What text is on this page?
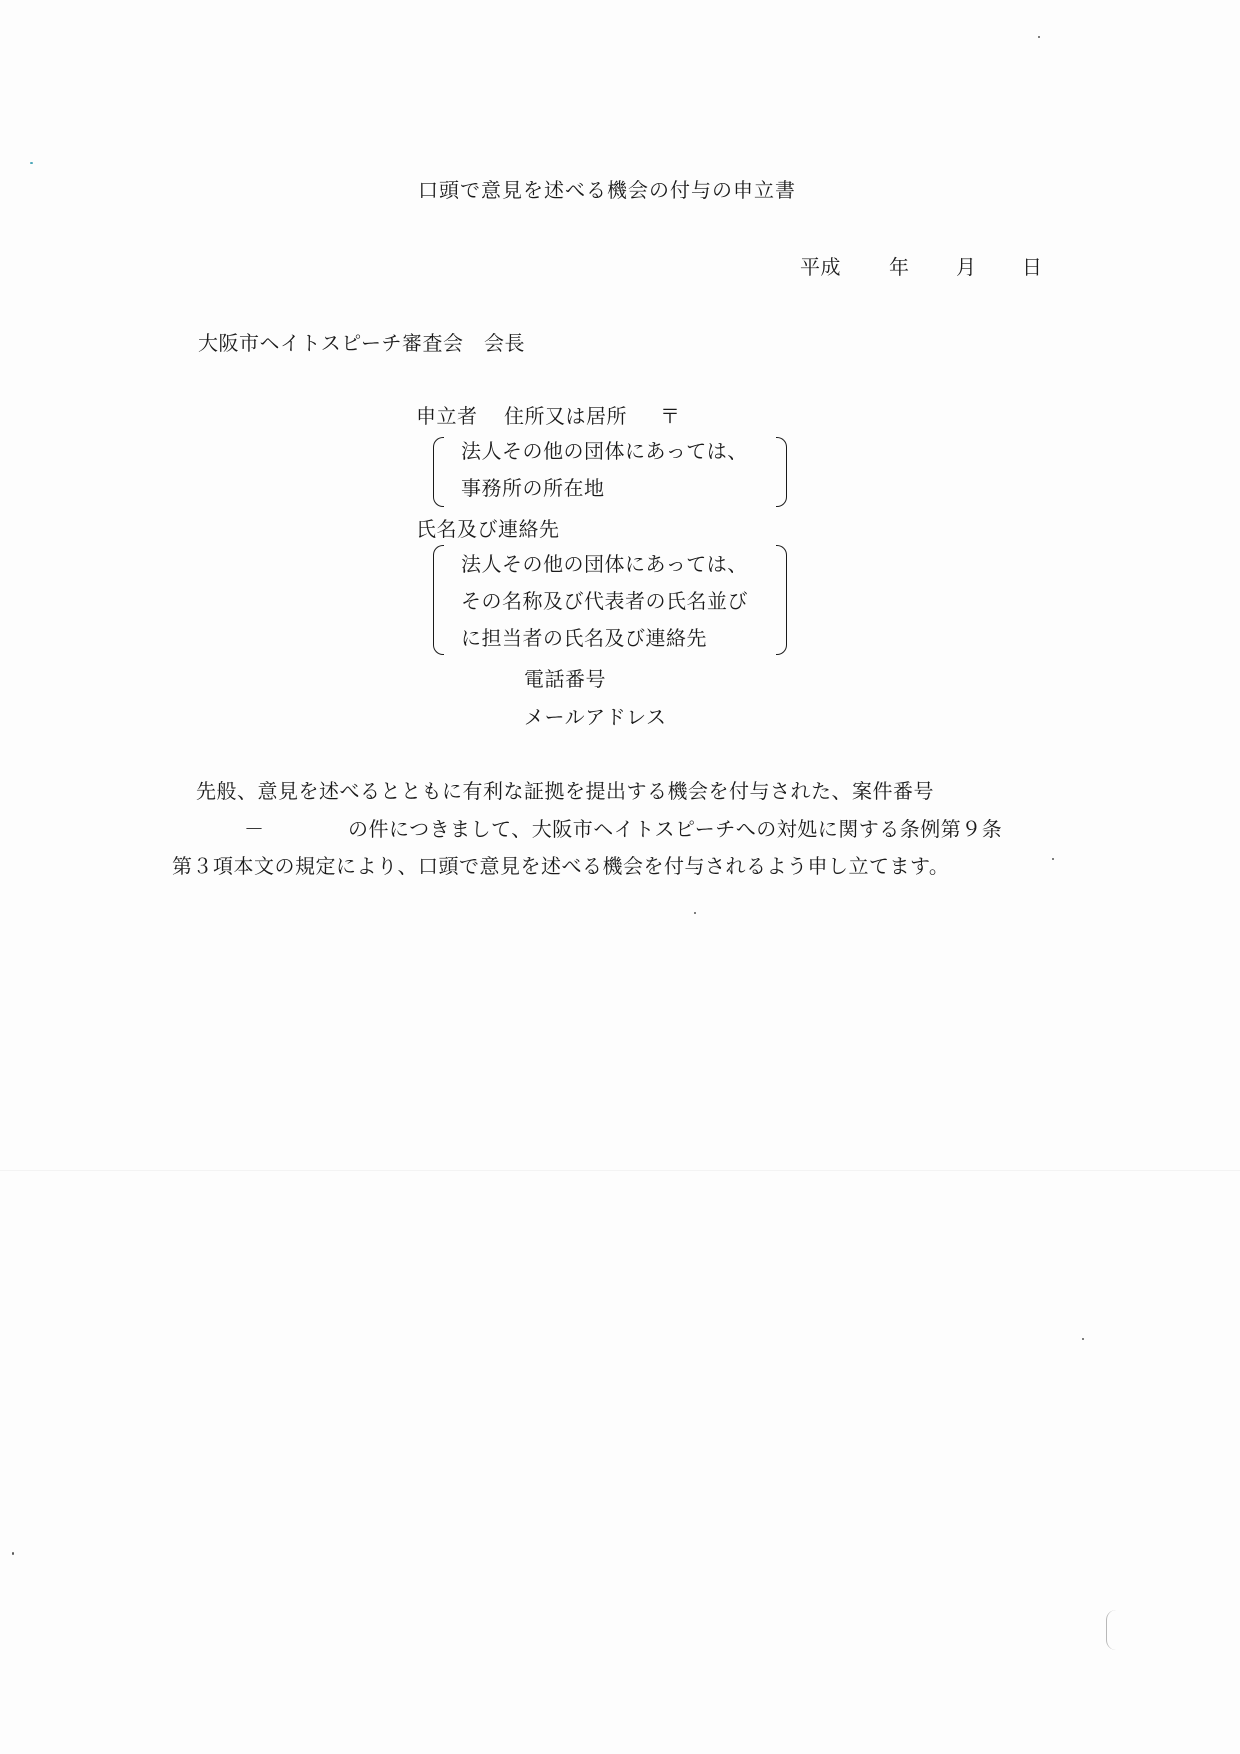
口頭で意見を述べる機会の付与の申立書
平成 年 月 日
大阪市ヘイトスピーチ審査会　会長
申立者 住所又は居所 〒
法人その他の団体にあっては、
事務所の所在地
氏名及び連絡先
法人その他の団体にあっては、
その名称及び代表者の氏名並び
に担当者の氏名及び連絡先
電話番号
メールアドレス
先般、意見を述べるとともに有利な証拠を提出する機会を付与された、案件番号
－	の件につきまして、大阪市ヘイトスピーチへの対処に関する条例第９条
第３項本文の規定により、口頭で意見を述べる機会を付与されるよう申し立てます。
